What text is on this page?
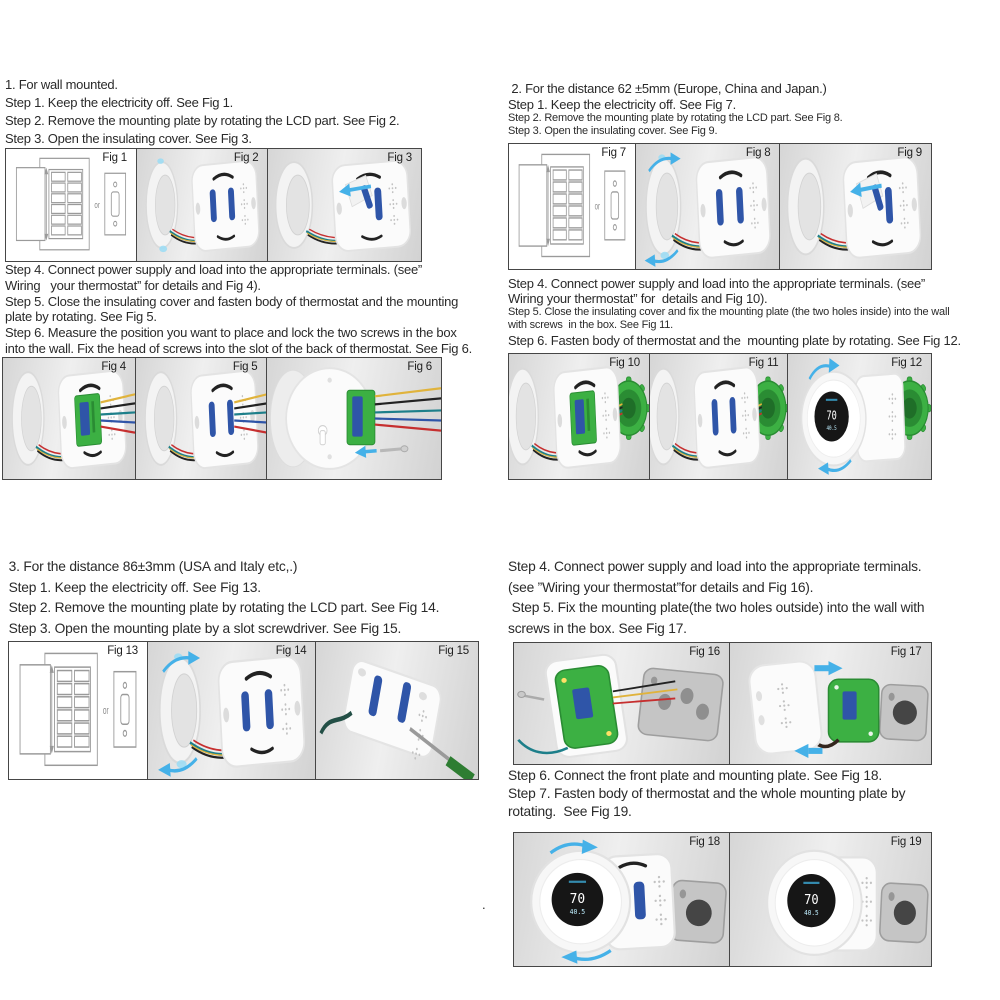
1. For wall mounted.
Step 1. Keep the electricity off. See Fig 1.
Step 2. Remove the mounting plate by rotating the LCD part. See Fig 2.
Step 3. Open the insulating cover. See Fig 3.
or
Fig 1	Fig 2	Fig 3
Step 4. Connect power supply and load into the appropriate terminals. (see”
Wiring   your thermostat” for details and Fig 4).
Step 5. Close the insulating cover and fasten body of thermostat and the mounting
plate by rotating. See Fig 5.
Step 6. Measure the position you want to place and lock the two screws in the box
into the wall. Fix the head of screws into the slot of the back of thermostat. See Fig 6.
Fig 4	Fig 5	Fig 6
2. For the distance 62 ±5mm (Europe, China and Japan.)
Step 1. Keep the electricity off. See Fig 7.
Step 2. Remove the mounting plate by rotating the LCD part. See Fig 8.
Step 3. Open the insulating cover. See Fig 9.
or
Fig 7	Fig 8	Fig 9
Step 4. Connect power supply and load into the appropriate terminals. (see”
Wiring your thermostat” for  details and Fig 10).
Step 5. Close the insulating cover and fix the mounting plate (the two holes inside) into the wall
with screws  in the box. See Fig 11.
Step 6. Fasten body of thermostat and the  mounting plate by rotating. See Fig 12.
Fig 10	Fig 11
70
40.5
Fig 12
3. For the distance 86±3mm (USA and Italy etc,.)
Step 1. Keep the electricity off. See Fig 13.
Step 2. Remove the mounting plate by rotating the LCD part. See Fig 14.
Step 3. Open the mounting plate by a slot screwdriver. See Fig 15.
or
Fig 13	Fig 14	Fig 15
Step 4. Connect power supply and load into the appropriate terminals.
(see ”Wiring your thermostat”for details and Fig 16).
Step 5. Fix the mounting plate(the two holes outside) into the wall with
screws in the box. See Fig 17.
Fig 16	Fig 17
Step 6. Connect the front plate and mounting plate. See Fig 18.
Step 7. Fasten body of thermostat and the whole mounting plate by
rotating.  See Fig 19.
70
40.5
Fig 18
70
40.5
Fig 19
.
